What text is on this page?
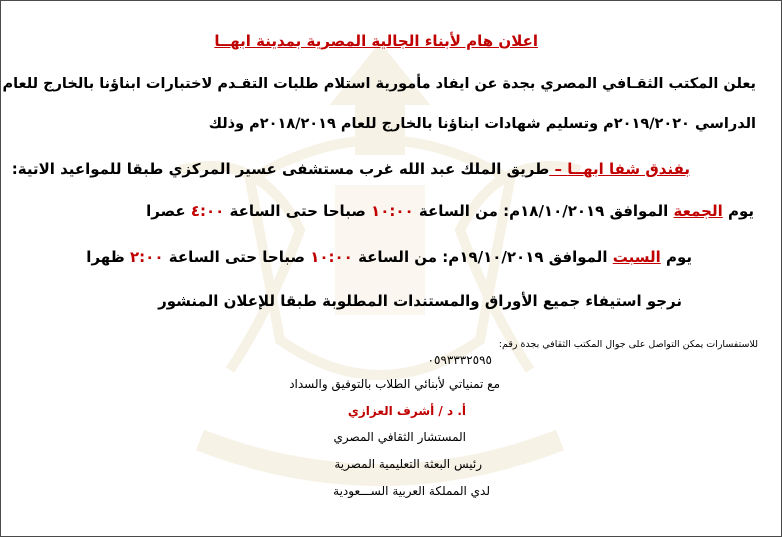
اعلان هام لأبناء الجالية المصرية بمدينة ابهــا
يعلن المكتب الثقـافي المصري بجدة عن ايفاد مأمورية استلام طلبات التقـدم لاختبارات ابناؤنا بالخارج للعام
الدراسي ٢٠١٩/٢٠٢٠م وتسليم شهادات ابناؤنا بالخارج للعام ٢٠١٨/٢٠١٩م وذلك
بفندق شفا ابهــا – طريق الملك عبد الله غرب مستشفى عسير المركزي طبقا للمواعيد الاتية:
يوم الجمعة الموافق ١٨/١٠/٢٠١٩م: من الساعة ١٠:٠٠ صباحا حتى الساعة ٤:٠٠ عصرا
يوم السبت الموافق ١٩/١٠/٢٠١٩م: من الساعة ١٠:٠٠ صباحا حتى الساعة ٢:٠٠ ظهرا
نرجو استيفاء جميع الأوراق والمستندات المطلوبة طبقا للإعلان المنشور
للاستفسارات يمكن التواصل على جوال المكتب الثقافي بجدة رقم:
٠٥٩٣٣٣٢٥٩٥
مع تمنياتي لأبنائي الطلاب بالتوفيق والسداد
أ. د / أشرف العزازي
المستشار الثقافي المصري
رئيس البعثة التعليمية المصرية
لدي المملكة العربية الســـعودية
